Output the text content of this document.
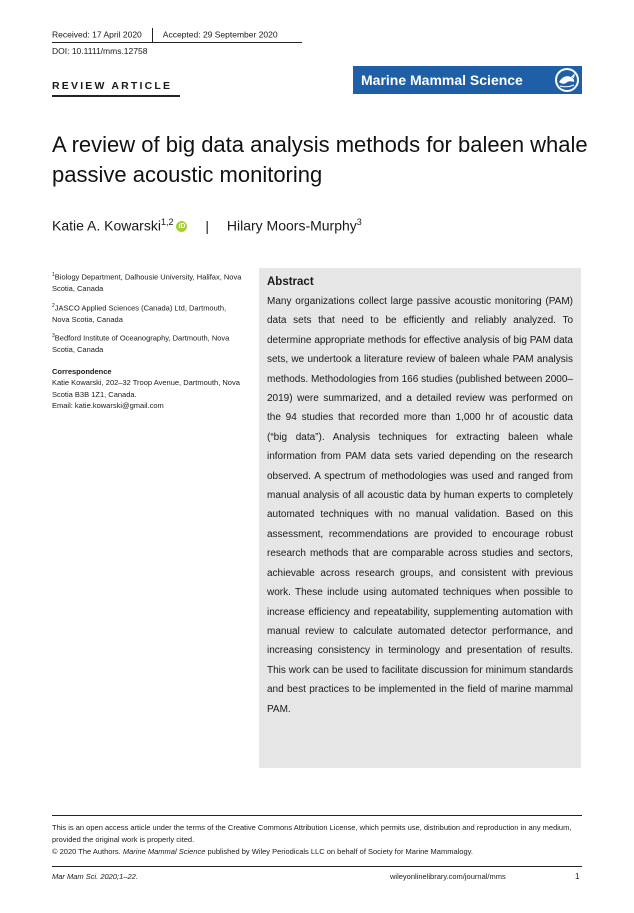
Received: 17 April 2020 Accepted: 29 September 2020
DOI: 10.1111/mms.12758
REVIEW ARTICLE	Marine Mammal Science
A review of big data analysis methods for baleen whale passive acoustic monitoring
Katie A. Kowarski$^{1,2}$ iD | Hilary Moors-Murphy$^3$

$^1$Biology Department, Dalhousie University, Halifax, Nova Scotia, Canada

$^2$JASCO Applied Sciences (Canada) Ltd, Dartmouth, Nova Scotia, Canada

$^3$Bedford Institute of Oceanography, Dartmouth, Nova Scotia, Canada

Correspondence

Katie Kowarski, 202–32 Troop Avenue, Dartmouth, Nova Scotia B3B 1Z1, Canada.

Email: katie.kowarski@gmail.com

Abstract
Many organizations collect large passive acoustic monitoring (PAM) data sets that need to be efficiently and reliably analyzed. To determine appropriate methods for effective analysis of big PAM data sets, we undertook a literature review of baleen whale PAM analysis methods. Methodologies from 166 studies (published between 2000–2019) were summarized, and a detailed review was performed on the 94 studies that recorded more than 1,000 hr of acoustic data (“big data”). Analysis techniques for extracting baleen whale information from PAM data sets varied depending on the research observed. A spectrum of methodologies was used and ranged from manual analysis of all acoustic data by human experts to completely automated techniques with no manual validation. Based on this assessment, recommendations are provided to encourage robust research methods that are comparable across studies and sectors, achievable across research groups, and consistent with previous work. These include using automated techniques when possible to increase efficiency and repeatability, supplementing automation with manual review to calculate automated detector performance, and increasing consistency in terminology and presentation of results. This work can be used to facilitate discussion for minimum standards and best practices to be implemented in the field of marine mammal PAM.

This is an open access article under the terms of the Creative Commons Attribution License, which permits use, distribution and reproduction in any medium, provided the original work is properly cited.

© 2020 The Authors. Marine Mammal Science published by Wiley Periodicals LLC on behalf of Society for Marine Mammalogy.

Mar Mam Sci. 2020;1–22.	wileyonlinelibrary.com/journal/mms	1
